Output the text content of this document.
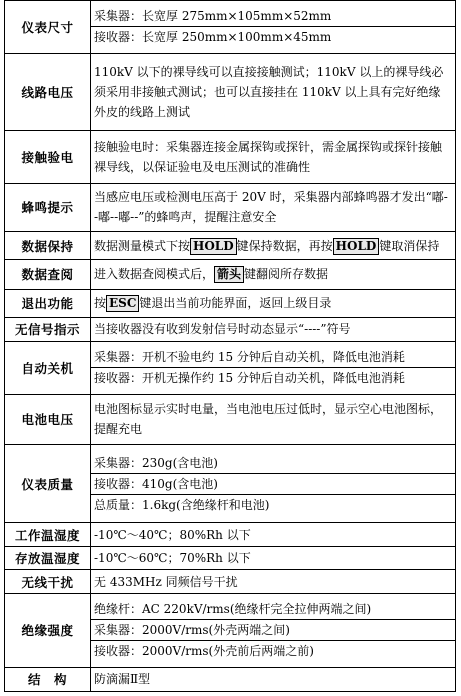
仪表尺寸	采集器：长宽厚 275mm×105mm×52mm
接收器：长宽厚 250mm×100mm×45mm

线路电压	110kV 以下的裸导线可以直接接触测试；110kV 以上的裸导线必须采用非接触式测试；也可以直接挂在 110kV 以上具有完好绝缘外皮的线路上测试

接触验电	接触验电时：采集器连接金属探钩或探针，需金属探钩或探针接触裸导线，以保证验电及电压测试的准确性

蜂鸣提示	当感应电压或检测电压高于 20V 时，采集器内部蜂鸣器才发出“嘟--嘟--嘟--”的蜂鸣声，提醒注意安全

数据保持	数据测量模式下按 HOLD 键保持数据，再按 HOLD 键取消保持

数据查阅	进入数据查阅模式后， 箭头 键翻阅所存数据

退出功能	按 ESC 键退出当前功能界面，返回上级目录

无信号指示	当接收器没有收到发射信号时动态显示“----”符号

自动关机	采集器：开机不验电约 15 分钟后自动关机，降低电池消耗
接收器：开机无操作约 15 分钟后自动关机，降低电池消耗

电池电压	电池图标显示实时电量，当电池电压过低时，显示空心电池图标，提醒充电

仪表质量	采集器：230g(含电池)
接收器：410g(含电池)
总质量：1.6kg(含绝缘杆和电池)

工作温湿度	-10℃～40℃；80%Rh 以下

存放温湿度	-10℃～60℃；70%Rh 以下

无线干扰	无 433MHz 同频信号干扰

绝缘强度	绝缘杆：AC 220kV/rms(绝缘杆完全拉伸两端之间)
采集器：2000V/rms(外壳两端之间)
接收器：2000V/rms(外壳前后两端之前)

结　构	防滴漏Ⅱ型
